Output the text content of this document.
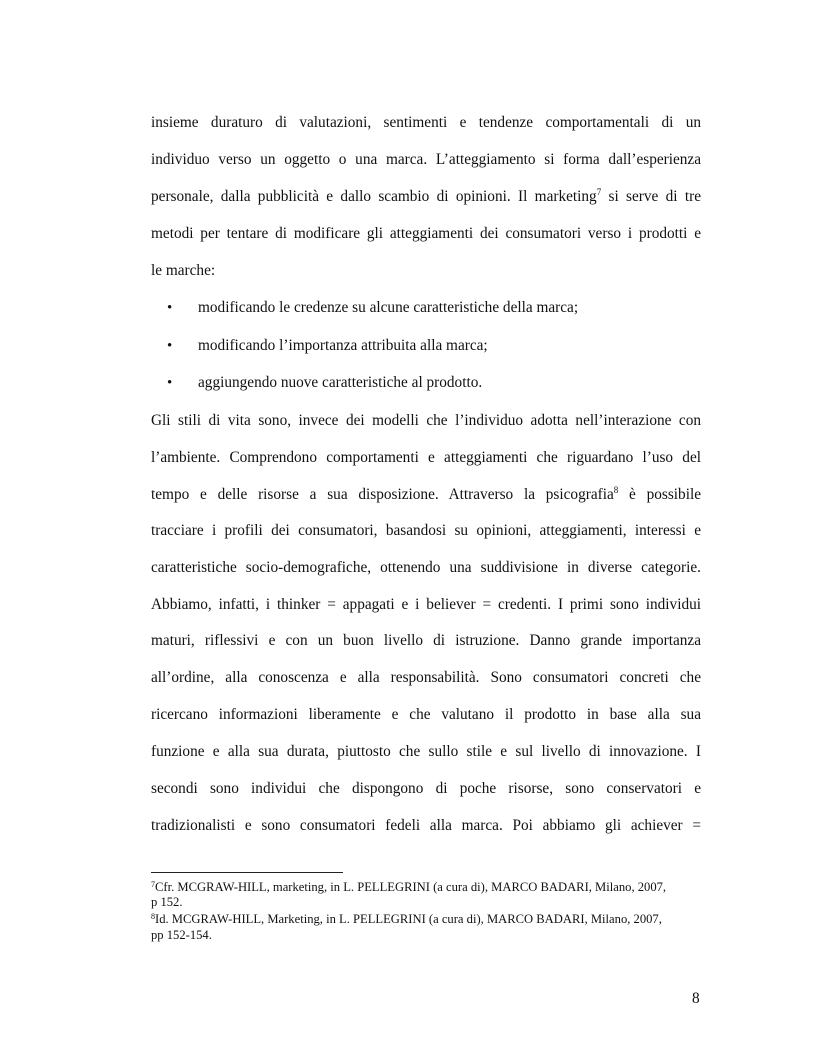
insieme duraturo di valutazioni, sentimenti e tendenze comportamentali di un
individuo verso un oggetto o una marca. L’atteggiamento si forma dall’esperienza
personale, dalla pubblicità e dallo scambio di opinioni. Il marketing$^7$ si serve di tre
metodi per tentare di modificare gli atteggiamenti dei consumatori verso i prodotti e
le marche:
• modificando le credenze su alcune caratteristiche della marca;
• modificando l’importanza attribuita alla marca;
• aggiungendo nuove caratteristiche al prodotto.
Gli stili di vita sono, invece dei modelli che l’individuo adotta nell’interazione con
l’ambiente. Comprendono comportamenti e atteggiamenti che riguardano l’uso del
tempo e delle risorse a sua disposizione. Attraverso la psicografia$^8$ è possibile
tracciare i profili dei consumatori, basandosi su opinioni, atteggiamenti, interessi e
caratteristiche socio-demografiche, ottenendo una suddivisione in diverse categorie.
Abbiamo, infatti, i thinker = appagati e i believer = credenti. I primi sono individui
maturi, riflessivi e con un buon livello di istruzione. Danno grande importanza
all’ordine, alla conoscenza e alla responsabilità. Sono consumatori concreti che
ricercano informazioni liberamente e che valutano il prodotto in base alla sua
funzione e alla sua durata, piuttosto che sullo stile e sul livello di innovazione. I
secondi sono individui che dispongono di poche risorse, sono conservatori e
tradizionalisti e sono consumatori fedeli alla marca. Poi abbiamo gli achiever =
$^7$Cfr. MCGRAW-HILL, marketing, in L. PELLEGRINI (a cura di), MARCO BADARI, Milano, 2007,
p 152.
$^8$Id. MCGRAW-HILL, Marketing, in L. PELLEGRINI (a cura di), MARCO BADARI, Milano, 2007,
pp 152-154.
8
